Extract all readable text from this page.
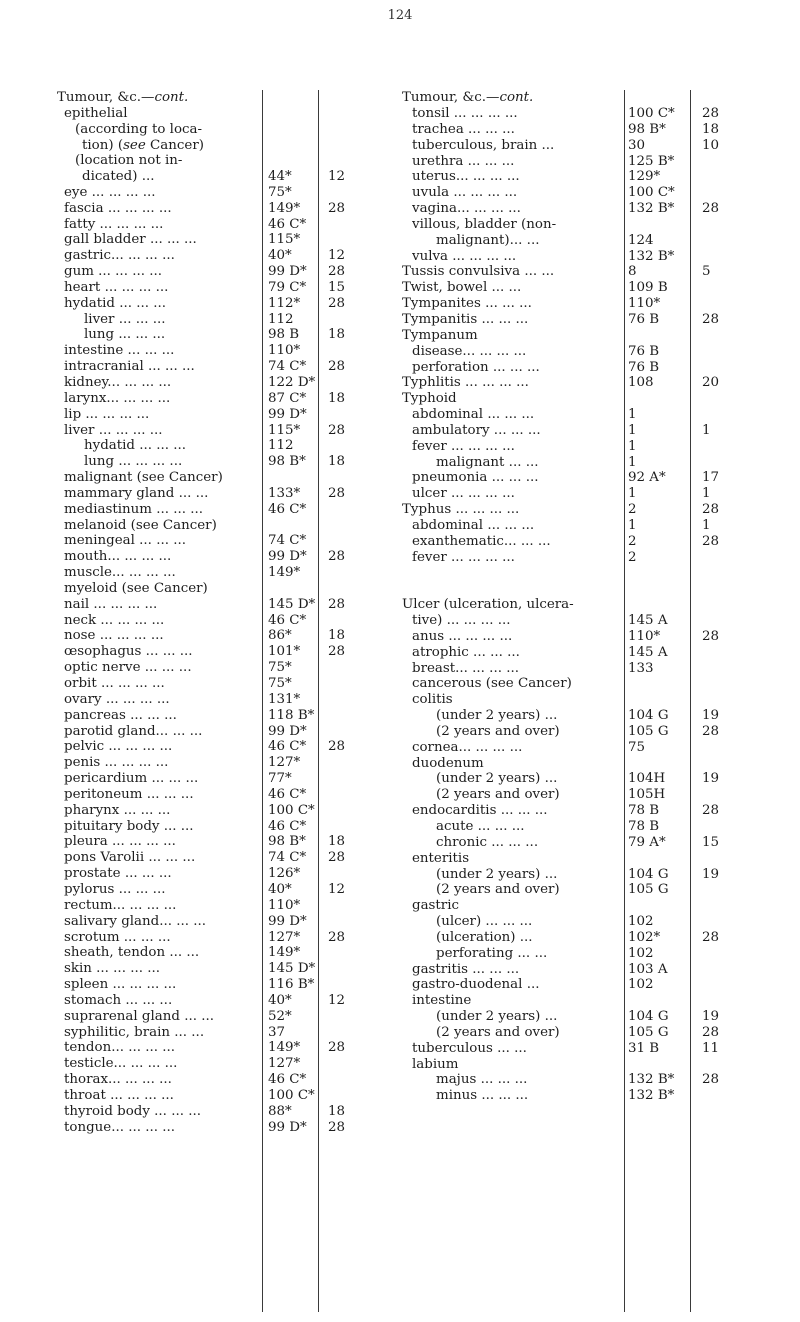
124
Tumour, &c.—cont.
epithelial
(according to loca-
tion) (see Cancer)
(location not in-
dicated) ...	44*	12
eye ... ... ... ...	75*
fascia ... ... ... ...	149* 28
fatty ... ... ... ...	46 C*
gall bladder ... ... ...	115*
gastric... ... ... ...	40*	12
gum ... ... ... ...	99 D* 28
heart ... ... ... ...	79 C* 15
hydatid ... ... ...	112* 28
liver ... ... ...	112
lung ... ... ...	98 B 18
intestine ... ... ...	110*
intracranial ... ... ...	74 C* 28
kidney... ... ... ...	122 D*
larynx... ... ... ...	87 C* 18
lip ... ... ... ...	99 D*
liver ... ... ... ...	115* 28
hydatid ... ... ...	112
lung ... ... ... ...	98 B* 18
malignant (see Cancer)
mammary gland ... ...	133* 28
mediastinum ... ... ...	46 C*
melanoid (see Cancer)
meningeal ... ... ...	74 C*
mouth... ... ... ...	99 D* 28
muscle... ... ... ...	149*
myeloid (see Cancer)
nail ... ... ... ...	145 D* 28
neck ... ... ... ...	46 C*
nose ... ... ... ...	86*	18
œsophagus ... ... ...	101* 28
optic nerve ... ... ...	75*
orbit ... ... ... ...	75*
ovary ... ... ... ...	131*
pancreas ... ... ...	118 B*
parotid gland... ... ...	99 D*
pelvic ... ... ... ...	46 C* 28
penis ... ... ... ...	127*
pericardium ... ... ...	77*
peritoneum ... ... ...	46 C*
pharynx ... ... ...	100 C*
pituitary body ... ...	46 C*
pleura ... ... ... ...	98 B* 18
pons Varolii ... ... ...	74 C* 28
prostate ... ... ...	126*
pylorus ... ... ...	40*	12
rectum... ... ... ...	110*
salivary gland... ... ...	99 D*
scrotum ... ... ...	127* 28
sheath, tendon ... ...	149*
skin ... ... ... ...	145 D*
spleen ... ... ... ...	116 B*
stomach ... ... ...	40*	12
suprarenal gland ... ...	52*
syphilitic, brain ... ...	37
tendon... ... ... ...	149* 28
testicle... ... ... ...	127*
thorax... ... ... ...	46 C*
throat ... ... ... ...	100 C*
thyroid body ... ... ...	88*	18
tongue... ... ... ...	99 D* 28
Tumour, &c.—cont.
tonsil ... ... ... ...	100 C* 28
trachea ... ... ...	98 B*	18
tuberculous, brain ...	30	10
urethra ... ... ...	125 B*
uterus... ... ... ...	129*
uvula ... ... ... ...	100 C*
vagina... ... ... ...	132 B* 28
villous, bladder (non-
malignant)... ...	124
vulva ... ... ... ...	132 B*
Tussis convulsiva ... ...	8	5
Twist, bowel ... ...	109 B
Tympanites ... ... ...	110*
Tympanitis ... ... ...	76 B	28
Tympanum
disease... ... ... ...	76 B
perforation ... ... ...	76 B
Typhlitis ... ... ... ...	108	20
Typhoid
abdominal ... ... ...	1
ambulatory ... ... ...	1	1
fever ... ... ... ...	1
malignant ... ...	1
pneumonia ... ... ...	92 A*	17
ulcer ... ... ... ...	1	1
Typhus ... ... ... ...	2	28
abdominal ... ... ...	1	1
exanthematic... ... ...	2	28
fever ... ... ... ...	2
Ulcer (ulceration, ulcera-
tive) ... ... ... ...	145 A
anus ... ... ... ...	110*	28
atrophic ... ... ...	145 A
breast... ... ... ...	133
cancerous (see Cancer)
colitis
(under 2 years) ...	104 G 19
(2 years and over)	105 G 28
cornea... ... ... ...	75
duodenum
(under 2 years) ...	104H	19
(2 years and over)	105H
endocarditis ... ... ...	78 B	28
acute ... ... ...	78 B
chronic ... ... ...	79 A*	15
enteritis
(under 2 years) ...	104 G 19
(2 years and over)	105 G
gastric
(ulcer) ... ... ...	102
(ulceration) ...	102*	28
perforating ... ...	102
gastritis ... ... ...	103 A
gastro-duodenal ...	102
intestine
(under 2 years) ...	104 G 19
(2 years and over)	105 G 28
tuberculous ... ...	31 B	11
labium
majus ... ... ...	132 B* 28
minus ... ... ...	132 B*
